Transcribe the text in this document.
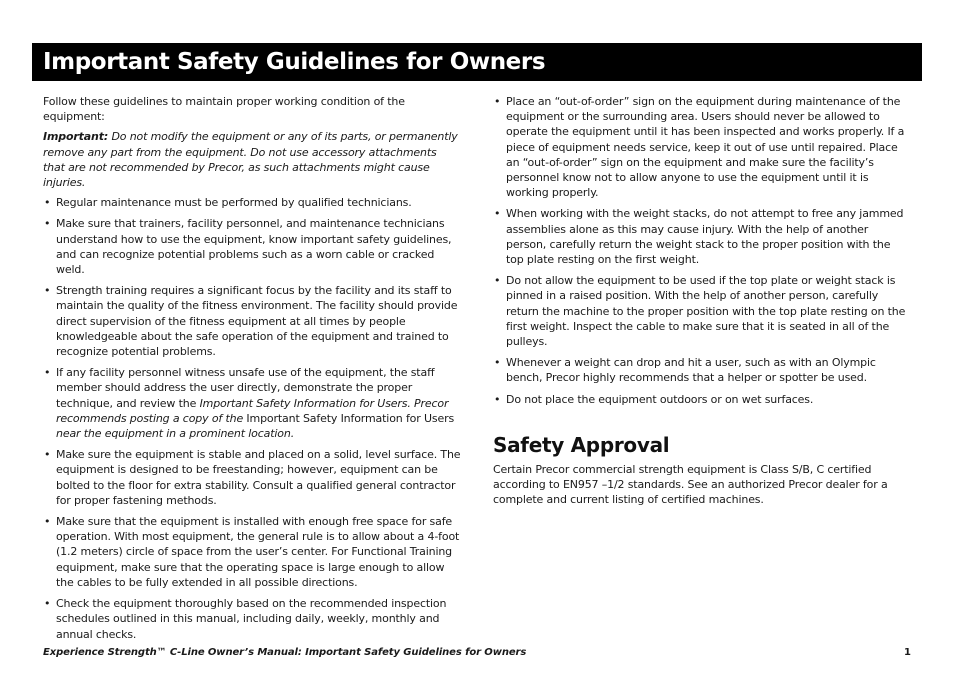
Important Safety Guidelines for Owners

Follow these guidelines to maintain proper working condition of the equipment:

Important: Do not modify the equipment or any of its parts, or permanently remove any part from the equipment. Do not use accessory attachments that are not recommended by Precor, as such attachments might cause injuries.

• Regular maintenance must be performed by qualified technicians.
• Make sure that trainers, facility personnel, and maintenance technicians understand how to use the equipment, know important safety guidelines, and can recognize potential problems such as a worn cable or cracked weld.
• Strength training requires a significant focus by the facility and its staff to maintain the quality of the fitness environment. The facility should provide direct supervision of the fitness equipment at all times by people knowledgeable about the safe operation of the equipment and trained to recognize potential problems.
• If any facility personnel witness unsafe use of the equipment, the staff member should address the user directly, demonstrate the proper technique, and review the Important Safety Information for Users. Precor recommends posting a copy of the Important Safety Information for Users near the equipment in a prominent location.
• Make sure the equipment is stable and placed on a solid, level surface. The equipment is designed to be freestanding; however, equipment can be bolted to the floor for extra stability. Consult a qualified general contractor for proper fastening methods.
• Make sure that the equipment is installed with enough free space for safe operation. With most equipment, the general rule is to allow about a 4-foot (1.2 meters) circle of space from the user’s center. For Functional Training equipment, make sure that the operating space is large enough to allow the cables to be fully extended in all possible directions.
• Check the equipment thoroughly based on the recommended inspection schedules outlined in this manual, including daily, weekly, monthly and annual checks.
• Place an “out-of-order” sign on the equipment during maintenance of the equipment or the surrounding area. Users should never be allowed to operate the equipment until it has been inspected and works properly. If a piece of equipment needs service, keep it out of use until repaired. Place an “out-of-order” sign on the equipment and make sure the facility’s personnel know not to allow anyone to use the equipment until it is working properly.
• When working with the weight stacks, do not attempt to free any jammed assemblies alone as this may cause injury. With the help of another person, carefully return the weight stack to the proper position with the top plate resting on the first weight.
• Do not allow the equipment to be used if the top plate or weight stack is pinned in a raised position. With the help of another person, carefully return the machine to the proper position with the top plate resting on the first weight. Inspect the cable to make sure that it is seated in all of the pulleys.
• Whenever a weight can drop and hit a user, such as with an Olympic bench, Precor highly recommends that a helper or spotter be used.
• Do not place the equipment outdoors or on wet surfaces.
Safety Approval

Certain Precor commercial strength equipment is Class S/B, C certified according to EN957 –1/2 standards. See an authorized Precor dealer for a complete and current listing of certified machines.

Experience Strength™ C-Line Owner’s Manual: Important Safety Guidelines for Owners	1
